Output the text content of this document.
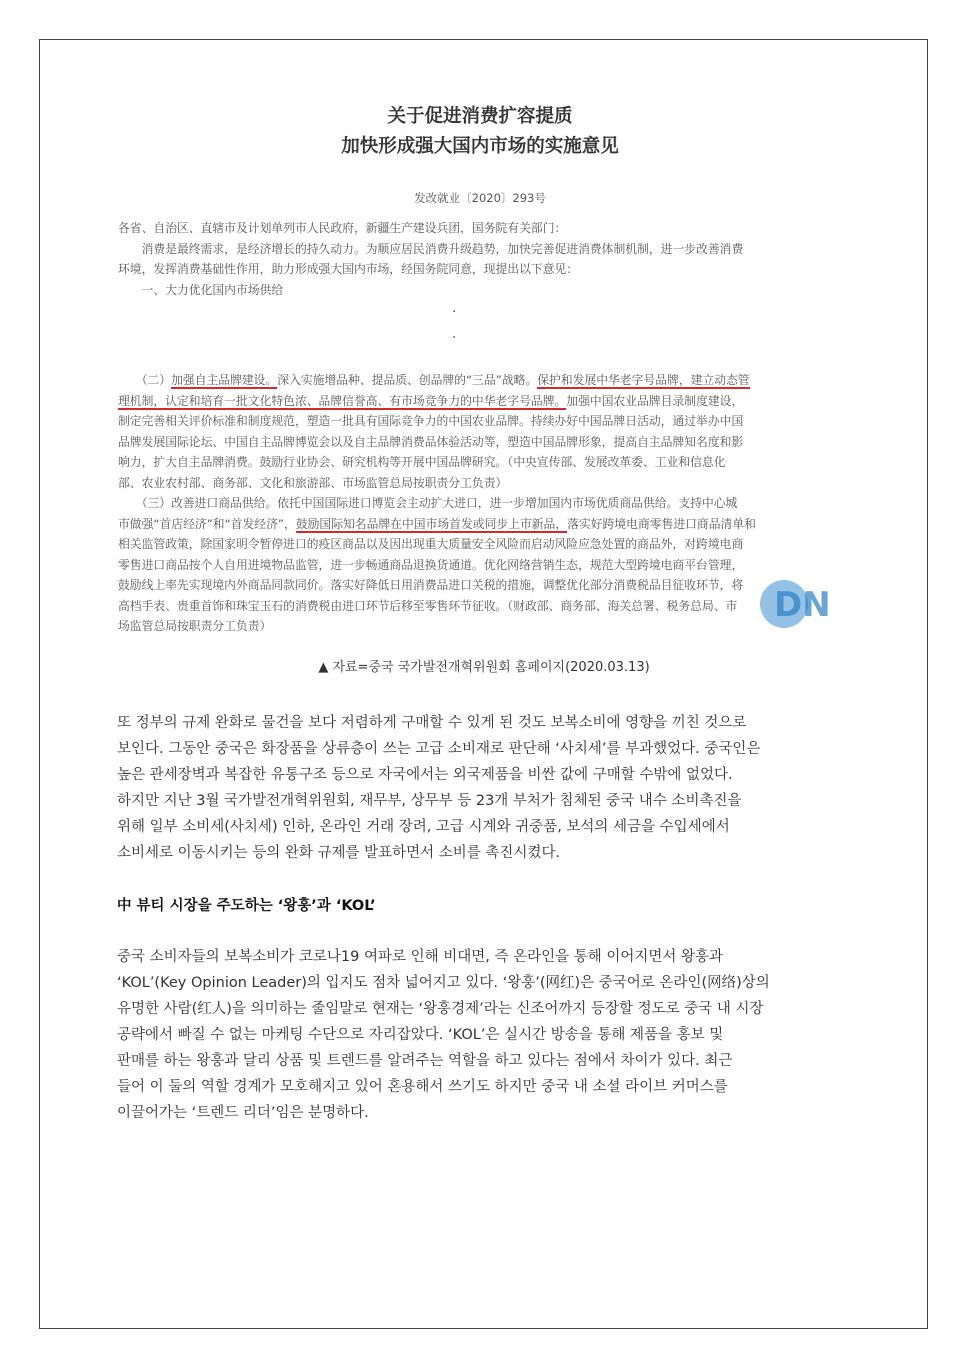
关于促进消费扩容提质
加快形成强大国内市场的实施意见
发改就业〔2020〕293号
各省、自治区、直辖市及计划单列市人民政府，新疆生产建设兵团，国务院有关部门：
　　消费是最终需求，是经济增长的持久动力。为顺应居民消费升级趋势，加快完善促进消费体制机制，进一步改善消费
环境，发挥消费基础性作用，助力形成强大国内市场，经国务院同意，现提出以下意见：
　　一、大力优化国内市场供给
·
·
　　（二）加强自主品牌建设。深入实施增品种、提品质、创品牌的“三品”战略。保护和发展中华老字号品牌，建立动态管
理机制，认定和培育一批文化特色浓、品牌信誉高、有市场竞争力的中华老字号品牌。加强中国农业品牌目录制度建设，
制定完善相关评价标准和制度规范，塑造一批具有国际竞争力的中国农业品牌。持续办好中国品牌日活动，通过举办中国
品牌发展国际论坛、中国自主品牌博览会以及自主品牌消费品体验活动等，塑造中国品牌形象，提高自主品牌知名度和影
响力，扩大自主品牌消费。鼓励行业协会、研究机构等开展中国品牌研究。（中央宣传部、发展改革委、工业和信息化
部、农业农村部、商务部、文化和旅游部、市场监管总局按职责分工负责）
　　（三）改善进口商品供给。依托中国国际进口博览会主动扩大进口，进一步增加国内市场优质商品供给。支持中心城
市做强“首店经济”和“首发经济”，鼓励国际知名品牌在中国市场首发或同步上市新品，落实好跨境电商零售进口商品清单和
相关监管政策，除国家明令暂停进口的疫区商品以及因出现重大质量安全风险而启动风险应急处置的商品外，对跨境电商
零售进口商品按个人自用进境物品监管，进一步畅通商品退换货通道。优化网络营销生态，规范大型跨境电商平台管理，
鼓励线上率先实现境内外商品同款同价。落实好降低日用消费品进口关税的措施，调整优化部分消费税品目征收环节，将
高档手表、贵重首饰和珠宝玉石的消费税由进口环节后移至零售环节征收。（财政部、商务部、海关总署、税务总局、市
场监管总局按职责分工负责）
DN
▲ 자료=중국 국가발전개혁위원회 홈페이지(2020.03.13)
또 정부의 규제 완화로 물건을 보다 저렴하게 구매할 수 있게 된 것도 보복소비에 영향을 끼친 것으로
보인다. 그동안 중국은 화장품을 상류층이 쓰는 고급 소비재로 판단해 ‘사치세’를 부과했었다. 중국인은
높은 관세장벽과 복잡한 유통구조 등으로 자국에서는 외국제품을 비싼 값에 구매할 수밖에 없었다.
하지만 지난 3월 국가발전개혁위원회, 재무부, 상무부 등 23개 부처가 침체된 중국 내수 소비촉진을
위해 일부 소비세(사치세) 인하, 온라인 거래 장려, 고급 시계와 귀중품, 보석의 세금을 수입세에서
소비세로 이동시키는 등의 완화 규제를 발표하면서 소비를 촉진시켰다.
中 뷰티 시장을 주도하는 ‘왕훙’과 ‘KOL’
중국 소비자들의 보복소비가 코로나19 여파로 인해 비대면, 즉 온라인을 통해 이어지면서 왕훙과
‘KOL’(Key Opinion Leader)의 입지도 점차 넓어지고 있다. ‘왕훙’(网红)은 중국어로 온라인(网络)상의
유명한 사람(红人)을 의미하는 줄임말로 현재는 ‘왕훙경제’라는 신조어까지 등장할 정도로 중국 내 시장
공략에서 빠질 수 없는 마케팅 수단으로 자리잡았다. ‘KOL’은 실시간 방송을 통해 제품을 홍보 및
판매를 하는 왕훙과 달리 상품 및 트렌드를 알려주는 역할을 하고 있다는 점에서 차이가 있다. 최근
들어 이 둘의 역할 경계가 모호해지고 있어 혼용해서 쓰기도 하지만 중국 내 소셜 라이브 커머스를
이끌어가는 ‘트렌드 리더’임은 분명하다.
